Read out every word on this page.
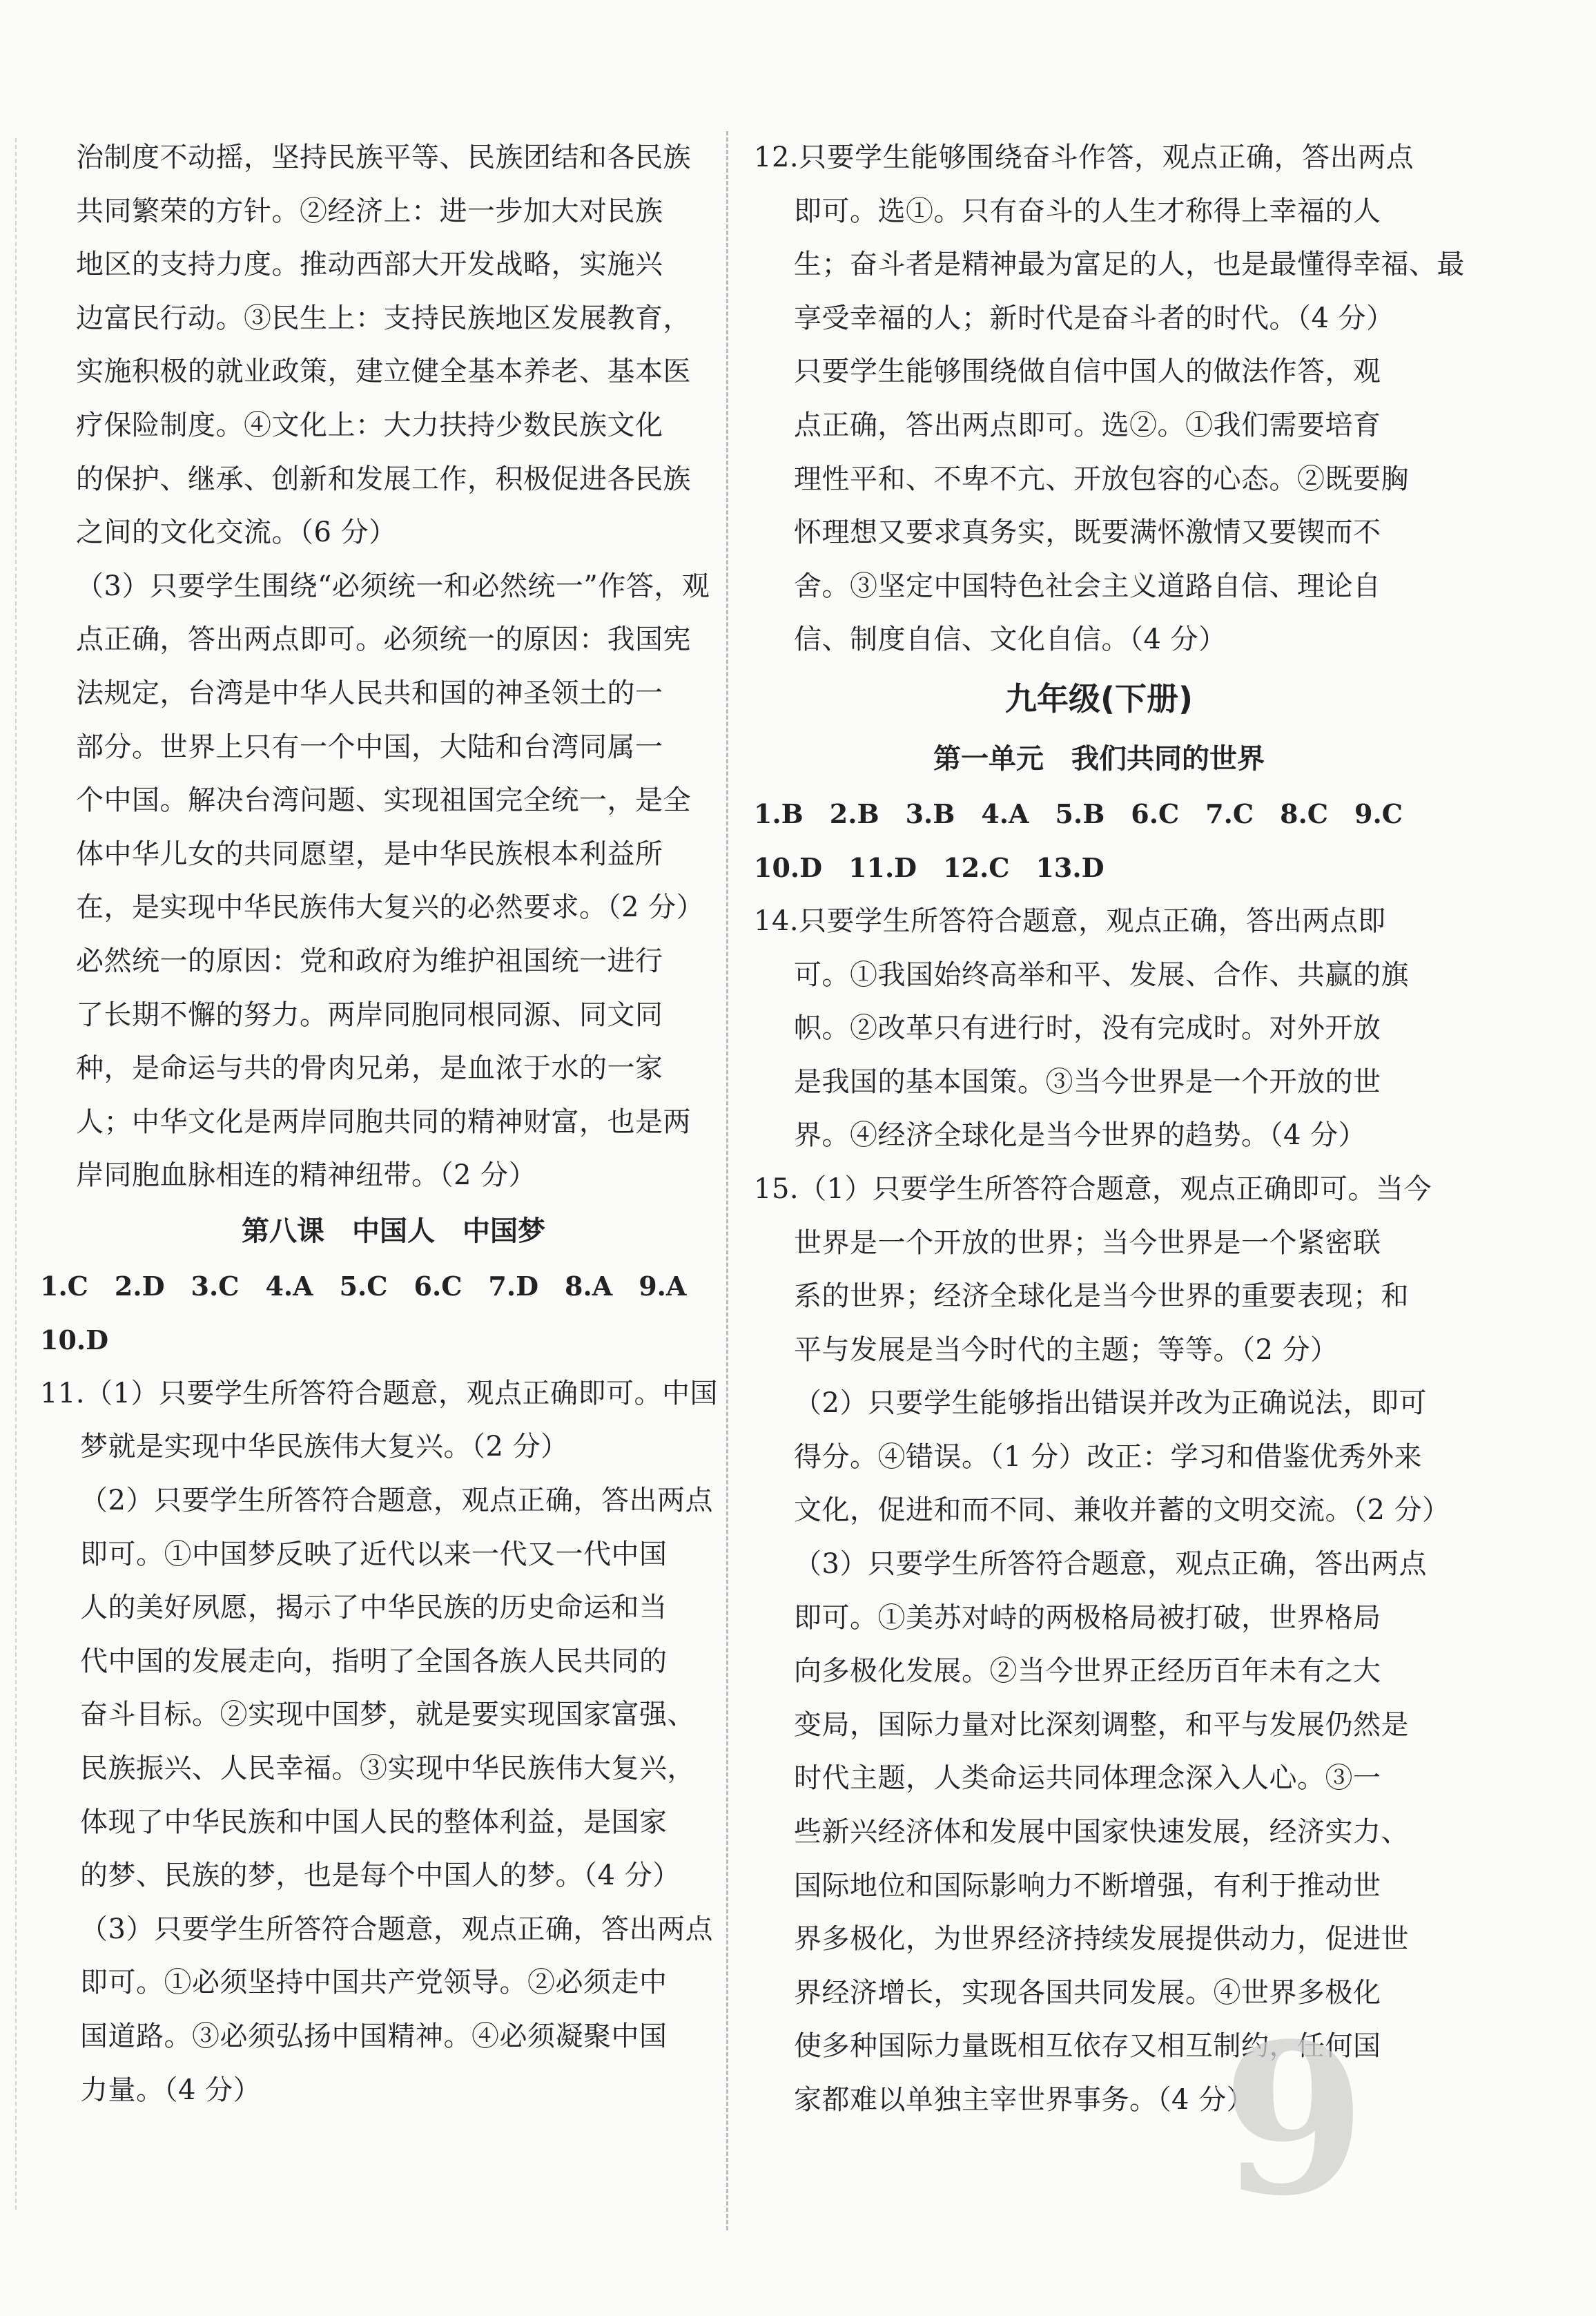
治制度不动摇，坚持民族平等、民族团结和各民族

共同繁荣的方针。②经济上：进一步加大对民族

地区的支持力度。推动西部大开发战略，实施兴

边富民行动。③民生上：支持民族地区发展教育，

实施积极的就业政策，建立健全基本养老、基本医

疗保险制度。④文化上：大力扶持少数民族文化

的保护、继承、创新和发展工作，积极促进各民族

之间的文化交流。（6 分）

（3）只要学生围绕“必须统一和必然统一”作答，观

点正确，答出两点即可。必须统一的原因：我国宪

法规定，台湾是中华人民共和国的神圣领土的一

部分。世界上只有一个中国，大陆和台湾同属一

个中国。解决台湾问题、实现祖国完全统一，是全

体中华儿女的共同愿望，是中华民族根本利益所

在，是实现中华民族伟大复兴的必然要求。（2 分）

必然统一的原因：党和政府为维护祖国统一进行

了长期不懈的努力。两岸同胞同根同源、同文同

种，是命运与共的骨肉兄弟，是血浓于水的一家

人；中华文化是两岸同胞共同的精神财富，也是两

岸同胞血脉相连的精神纽带。（2 分）

第八课　中国人　中国梦

1.C　2.D　3.C　4.A　5.C　6.C　7.D　8.A　9.A

10.D

11.（1）只要学生所答符合题意，观点正确即可。中国

梦就是实现中华民族伟大复兴。（2 分）

（2）只要学生所答符合题意，观点正确，答出两点

即可。①中国梦反映了近代以来一代又一代中国

人的美好夙愿，揭示了中华民族的历史命运和当

代中国的发展走向，指明了全国各族人民共同的

奋斗目标。②实现中国梦，就是要实现国家富强、

民族振兴、人民幸福。③实现中华民族伟大复兴，

体现了中华民族和中国人民的整体利益，是国家

的梦、民族的梦，也是每个中国人的梦。（4 分）

（3）只要学生所答符合题意，观点正确，答出两点

即可。①必须坚持中国共产党领导。②必须走中

国道路。③必须弘扬中国精神。④必须凝聚中国

力量。（4 分）

12.只要学生能够围绕奋斗作答，观点正确，答出两点

即可。选①。只有奋斗的人生才称得上幸福的人

生；奋斗者是精神最为富足的人，也是最懂得幸福、最

享受幸福的人；新时代是奋斗者的时代。（4 分）

只要学生能够围绕做自信中国人的做法作答，观

点正确，答出两点即可。选②。①我们需要培育

理性平和、不卑不亢、开放包容的心态。②既要胸

怀理想又要求真务实，既要满怀激情又要锲而不

舍。③坚定中国特色社会主义道路自信、理论自

信、制度自信、文化自信。（4 分）

九年级(下册)

第一单元　我们共同的世界

1.B　2.B　3.B　4.A　5.B　6.C　7.C　8.C　9.C

10.D　11.D　12.C　13.D

14.只要学生所答符合题意，观点正确，答出两点即

可。①我国始终高举和平、发展、合作、共赢的旗

帜。②改革只有进行时，没有完成时。对外开放

是我国的基本国策。③当今世界是一个开放的世

界。④经济全球化是当今世界的趋势。（4 分）

15.（1）只要学生所答符合题意，观点正确即可。当今

世界是一个开放的世界；当今世界是一个紧密联

系的世界；经济全球化是当今世界的重要表现；和

平与发展是当今时代的主题；等等。（2 分）

（2）只要学生能够指出错误并改为正确说法，即可

得分。④错误。（1 分）改正：学习和借鉴优秀外来

文化，促进和而不同、兼收并蓄的文明交流。（2 分）

（3）只要学生所答符合题意，观点正确，答出两点

即可。①美苏对峙的两极格局被打破，世界格局

向多极化发展。②当今世界正经历百年未有之大

变局，国际力量对比深刻调整，和平与发展仍然是

时代主题，人类命运共同体理念深入人心。③一

些新兴经济体和发展中国家快速发展，经济实力、

国际地位和国际影响力不断增强，有利于推动世

界多极化，为世界经济持续发展提供动力，促进世

界经济增长，实现各国共同发展。④世界多极化

使多种国际力量既相互依存又相互制约，任何国

家都难以单独主宰世界事务。（4 分）

9
